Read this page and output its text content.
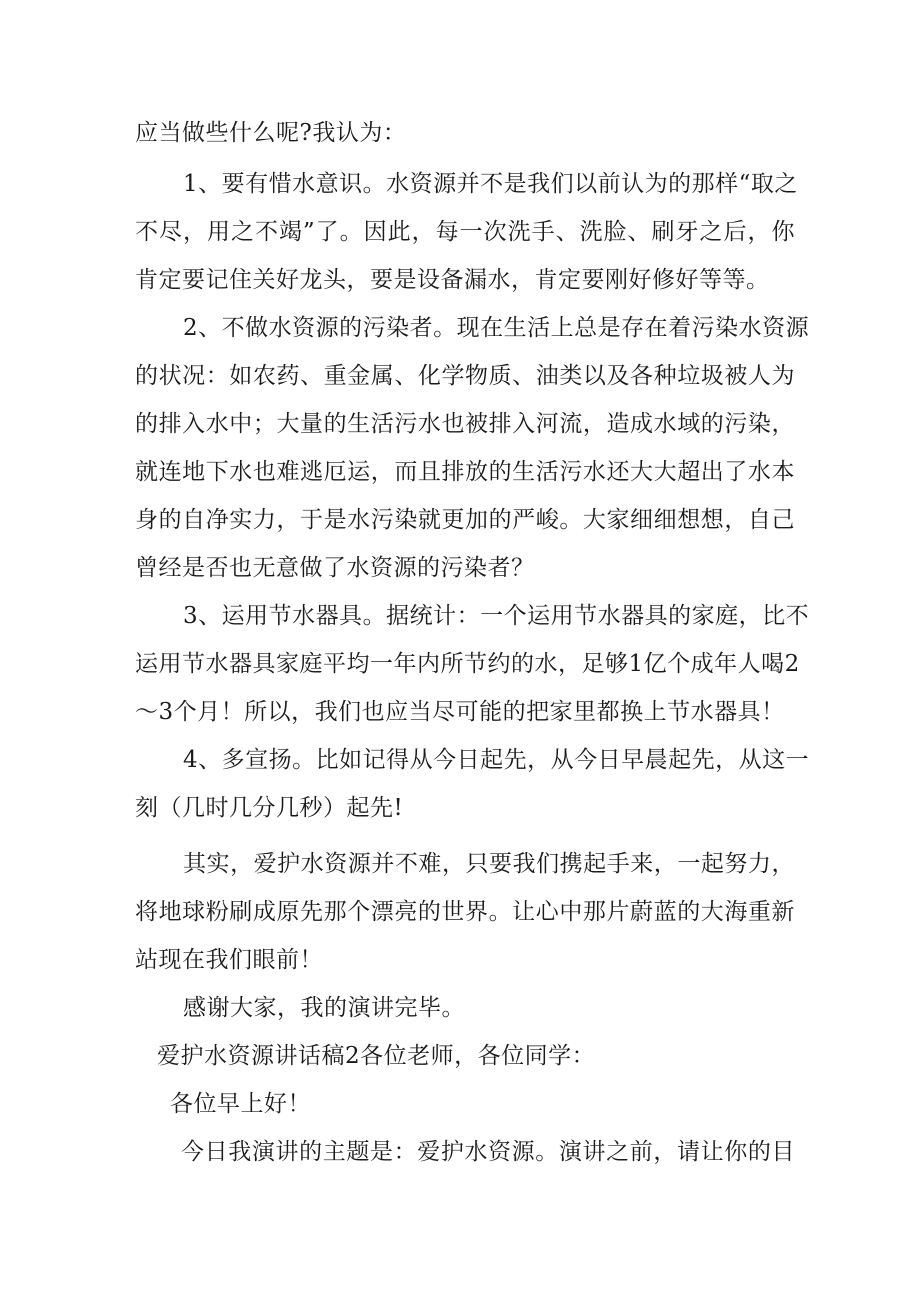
应当做些什么呢?我认为：
1、要有惜水意识。水资源并不是我们以前认为的那样“取之
不尽，用之不竭”了。因此，每一次洗手、洗脸、刷牙之后，你
肯定要记住关好龙头，要是设备漏水，肯定要刚好修好等等。
2、不做水资源的污染者。现在生活上总是存在着污染水资源
的状况：如农药、重金属、化学物质、油类以及各种垃圾被人为
的排入水中；大量的生活污水也被排入河流，造成水域的污染，
就连地下水也难逃厄运，而且排放的生活污水还大大超出了水本
身的自净实力，于是水污染就更加的严峻。大家细细想想，自己
曾经是否也无意做了水资源的污染者？
3、运用节水器具。据统计：一个运用节水器具的家庭，比不
运用节水器具家庭平均一年内所节约的水，足够1亿个成年人喝2
～3个月！所以，我们也应当尽可能的把家里都换上节水器具！
4、多宣扬。比如记得从今日起先，从今日早晨起先，从这一
刻（几时几分几秒）起先!
其实，爱护水资源并不难，只要我们携起手来，一起努力，
将地球粉刷成原先那个漂亮的世界。让心中那片蔚蓝的大海重新
站现在我们眼前！
感谢大家，我的演讲完毕。
爱护水资源讲话稿2各位老师，各位同学：
各位早上好！
今日我演讲的主题是：爱护水资源。演讲之前，请让你的目
